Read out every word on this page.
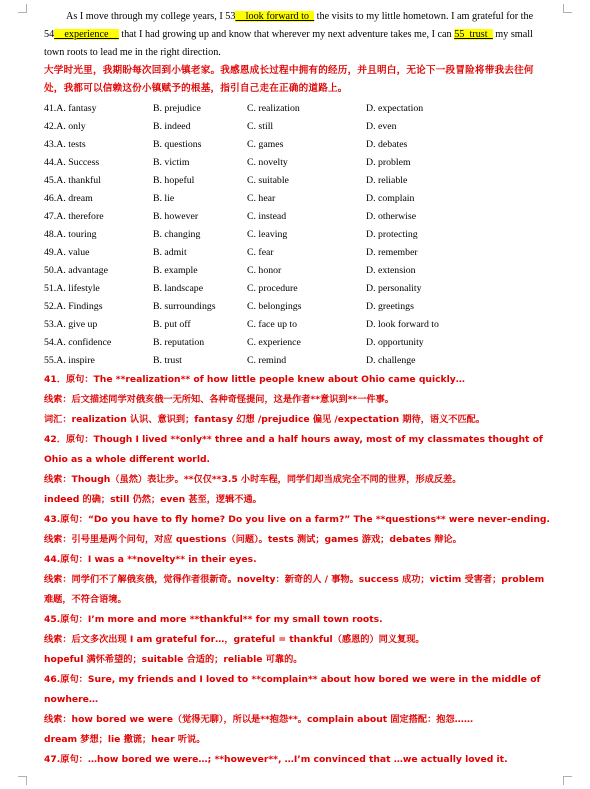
As I move through my college years, I 53__look forward to_ the visits to my little hometown. I am grateful for the 54__experience__ that I had growing up and know that wherever my next adventure takes me, I can 55_trust_ my small town roots to lead me in the right direction.
大学时光里，我期盼每次回到小镇老家。我感恩成长过程中拥有的经历，并且明白，无论下一段冒险将带我去往何处，我都可以信赖这份小镇赋予的根基，指引自己走在正确的道路上。
41.A. fantasy	B. prejudice	C. realization	D. expectation
42.A. only	B. indeed	C. still	D. even
43.A. tests	B. questions	C. games	D. debates
44.A. Success	B. victim	C. novelty	D. problem
45.A. thankful	B. hopeful	C. suitable	D. reliable
46.A. dream	B. lie	C. hear	D. complain
47.A. therefore	B. however	C. instead	D. otherwise
48.A. touring	B. changing	C. leaving	D. protecting
49.A. value	B. admit	C. fear	D. remember
50.A. advantage	B. example	C. honor	D. extension
51.A. lifestyle	B. landscape	C. procedure	D. personality
52.A. Findings	B. surroundings	C. belongings	D. greetings
53.A. give up	B. put off	C. face up to	D. look forward to
54.A. confidence	B. reputation	C. experience	D. opportunity
55.A. inspire	B. trust	C. remind	D. challenge
41．原句：The **realization** of how little people knew about Ohio came quickly…
线索：后文描述同学对俄亥俄一无所知、各种奇怪提问，这是作者**意识到**一件事。
词汇：realization 认识、意识到；fantasy 幻想 /prejudice 偏见 /expectation 期待，语义不匹配。
42．原句：Though I lived **only** three and a half hours away, most of my classmates thought of Ohio as a whole different world.
线索：Though（虽然）表让步。**仅仅**3.5 小时车程，同学们却当成完全不同的世界，形成反差。
indeed 的确；still 仍然；even 甚至，逻辑不通。
43.原句：“Do you have to fly home? Do you live on a farm?” The **questions** were never-ending.
线索：引号里是两个问句，对应 questions（问题）。tests 测试；games 游戏；debates 辩论。
44.原句：I was a **novelty** in their eyes.
线索：同学们不了解俄亥俄，觉得作者很新奇。novelty：新奇的人 / 事物。success 成功；victim 受害者；problem 难题，不符合语境。
45.原句：I’m more and more **thankful** for my small town roots.
线索：后文多次出现 I am grateful for…，grateful = thankful（感恩的）同义复现。
hopeful 满怀希望的；suitable 合适的；reliable 可靠的。
46.原句：Sure, my friends and I loved to **complain** about how bored we were in the middle of nowhere…
线索：how bored we were（觉得无聊），所以是**抱怨**。complain about 固定搭配：抱怨……
dream 梦想；lie 撒谎；hear 听说。
47.原句：…how bored we were…; **however**, …I’m convinced that …we actually loved it.
